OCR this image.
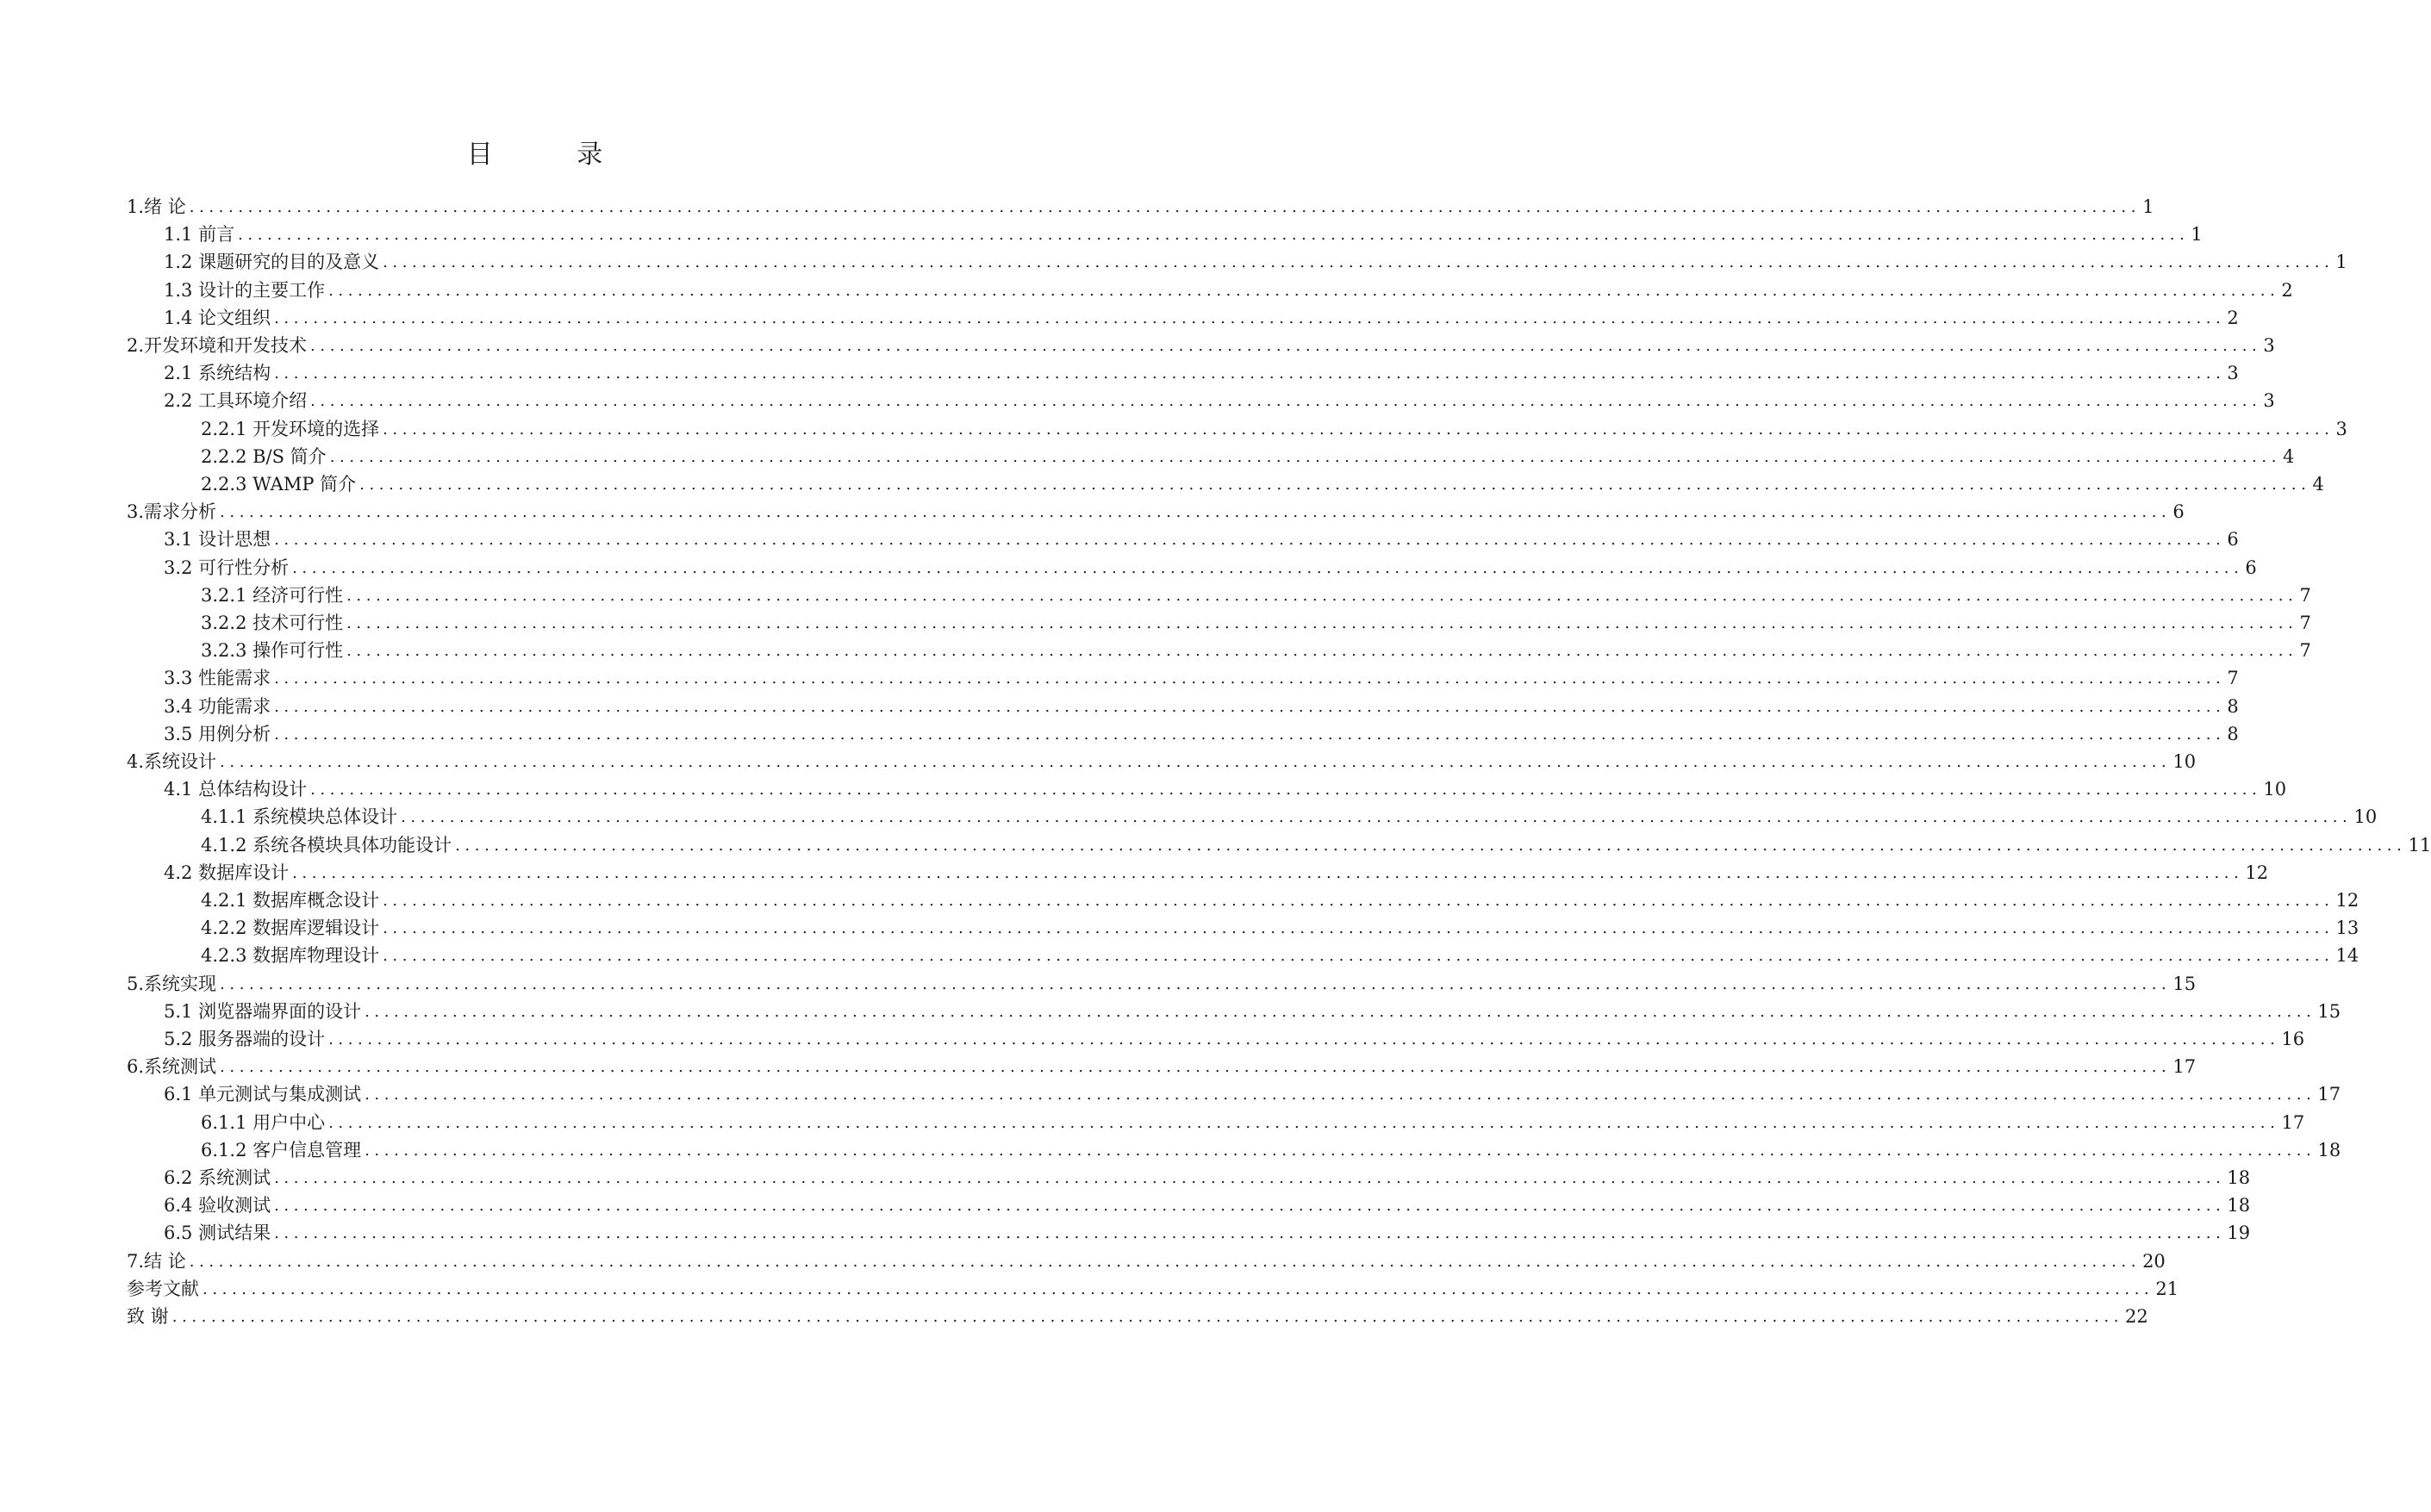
目 录
1.绪 论 ........................................................................................................................................................................................................ 1
1.1 前言 ........................................................................................................................................................................................................ 1
1.2 课题研究的目的及意义 ........................................................................................................................................................................................................ 1
1.3 设计的主要工作 ........................................................................................................................................................................................................ 2
1.4 论文组织 ........................................................................................................................................................................................................ 2
2.开发环境和开发技术 ........................................................................................................................................................................................................ 3
2.1 系统结构 ........................................................................................................................................................................................................ 3
2.2 工具环境介绍 ........................................................................................................................................................................................................ 3
2.2.1 开发环境的选择 ........................................................................................................................................................................................................ 3
2.2.2 B/S 简介 ........................................................................................................................................................................................................ 4
2.2.3 WAMP 简介 ........................................................................................................................................................................................................ 4
3.需求分析 ........................................................................................................................................................................................................ 6
3.1 设计思想 ........................................................................................................................................................................................................ 6
3.2 可行性分析 ........................................................................................................................................................................................................ 6
3.2.1 经济可行性 ........................................................................................................................................................................................................ 7
3.2.2 技术可行性 ........................................................................................................................................................................................................ 7
3.2.3 操作可行性 ........................................................................................................................................................................................................ 7
3.3 性能需求 ........................................................................................................................................................................................................ 7
3.4 功能需求 ........................................................................................................................................................................................................ 8
3.5 用例分析 ........................................................................................................................................................................................................ 8
4.系统设计 ........................................................................................................................................................................................................ 10
4.1 总体结构设计 ........................................................................................................................................................................................................ 10
4.1.1 系统模块总体设计 ........................................................................................................................................................................................................ 10
4.1.2 系统各模块具体功能设计 ........................................................................................................................................................................................................ 11
4.2 数据库设计 ........................................................................................................................................................................................................ 12
4.2.1 数据库概念设计 ........................................................................................................................................................................................................ 12
4.2.2 数据库逻辑设计 ........................................................................................................................................................................................................ 13
4.2.3 数据库物理设计 ........................................................................................................................................................................................................ 14
5.系统实现 ........................................................................................................................................................................................................ 15
5.1 浏览器端界面的设计 ........................................................................................................................................................................................................ 15
5.2 服务器端的设计 ........................................................................................................................................................................................................ 16
6.系统测试 ........................................................................................................................................................................................................ 17
6.1 单元测试与集成测试 ........................................................................................................................................................................................................ 17
6.1.1 用户中心 ........................................................................................................................................................................................................ 17
6.1.2 客户信息管理 ........................................................................................................................................................................................................ 18
6.2 系统测试 ........................................................................................................................................................................................................ 18
6.4 验收测试 ........................................................................................................................................................................................................ 18
6.5 测试结果 ........................................................................................................................................................................................................ 19
7.结 论 ........................................................................................................................................................................................................ 20
参考文献 ........................................................................................................................................................................................................ 21
致 谢 ........................................................................................................................................................................................................ 22
